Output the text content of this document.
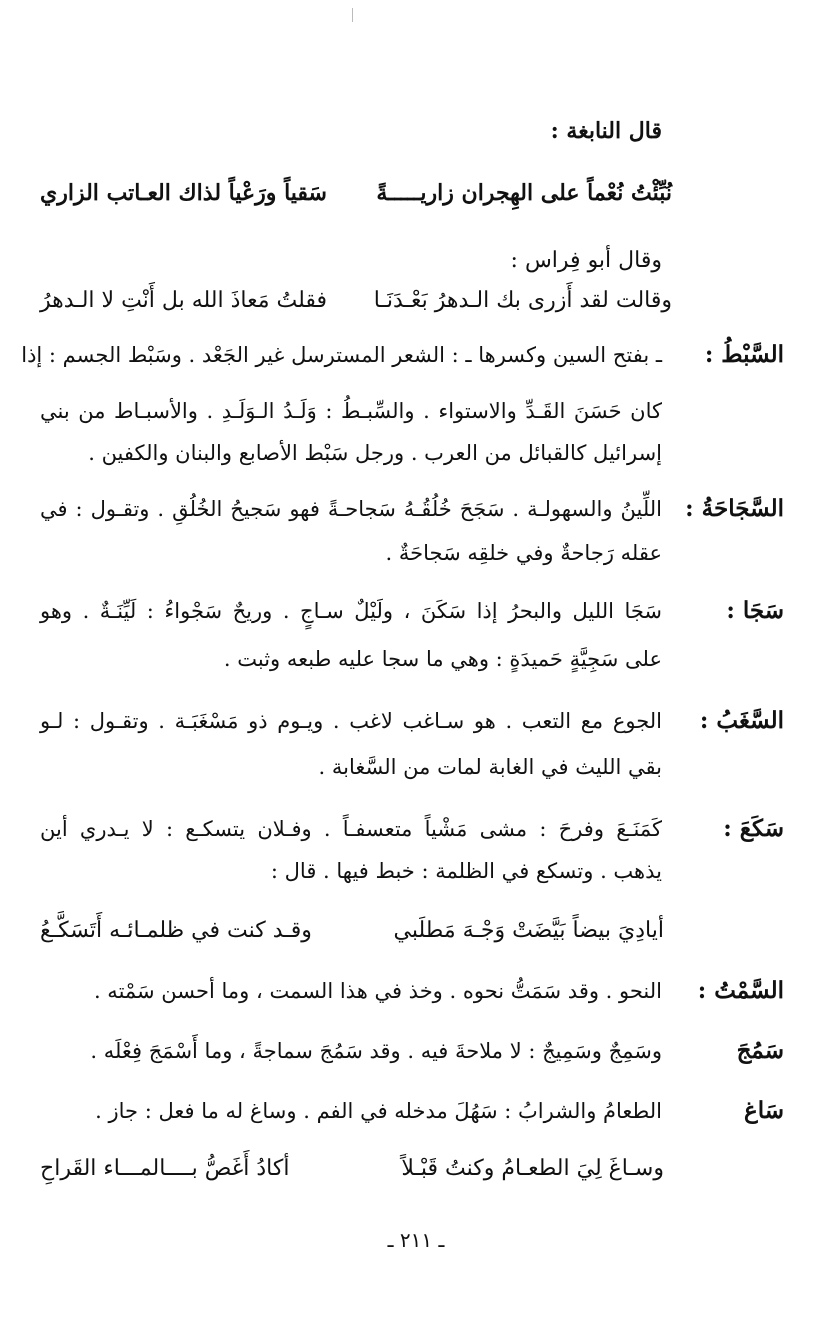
قال النابغة :
نُبِّئْتُ نُعْماً على الهِجران زاريـــــةً
سَقياً ورَعْياً لذاك العـاتب الزاري
وقال أبو فِراس :
وقالت لقد أَزرى بك الـدهرُ بَعْـدَنَـا
فقلتُ مَعاذَ الله بل أَنْتِ لا الـدهرُ
السَّبْطُ :
ـ بفتح السين وكسرها ـ : الشعر المسترسل غير الجَعْد . وسَبْط الجسم : إذا
كان حَسَنَ القَـدِّ والاستواء . والسِّبـطُ : وَلَـدُ الـوَلَـدِ . والأسبـاط من بني
إسرائيل كالقبائل من العرب . ورجل سَبْط الأصابع والبنان والكفين .
السَّجَاحَةُ :
اللِّينُ والسهولـة . سَجَحَ خُلُقُـهُ سَجاحـةً فهو سَجيحُ الخُلُقِ . وتقـول : في
عقله رَجاحةٌ وفي خلقِه سَجاحَةٌ .
سَجَا :
سَجَا الليل والبحرُ إذا سَكَنَ ، ولَيْلٌ سـاجٍ . وريحٌ سَجْواءُ : لَيِّنَـةٌ . وهو
على سَجِيَّةٍ حَميدَةٍ : وهي ما سجا عليه طبعه وثبت .
السَّغَبُ :
الجوع مع التعب . هو سـاغب لاغب . ويـوم ذو مَسْغَبَـة . وتقـول : لـو
بقي الليث في الغابة لمات من السَّغابة .
سَكَعَ :
كَمَنَـعَ وفرحَ : مشى مَشْياً متعسفـاً . وفـلان يتسكـع : لا يـدري أين
يذهب . وتسكع في الظلمة : خبط فيها . قال :
أيادِيَ بيضاً بَيَّضَتْ وَجْـهَ مَطلَبي
وقـد كنت في ظلمـائـه أَتَسَكَّـعُ
السَّمْتُ :
النحو . وقد سَمَتُّ نحوه . وخذ في هذا السمت ، وما أحسن سَمْته .
سَمُجَ
وسَمِجٌ وسَمِيجٌ : لا ملاحةَ فيه . وقد سَمُجَ سماجةً ، وما أَسْمَجَ فِعْلَه .
سَاغ
الطعامُ والشرابُ : سَهُلَ مدخله في الفم . وساغ له ما فعل : جاز .
وسـاغَ لِيَ الطعـامُ وكنتُ قَبْـلاً
أكادُ أَغَصُّ بــــالمـــاء القَراحِ
ـ ٢١١ ـ
